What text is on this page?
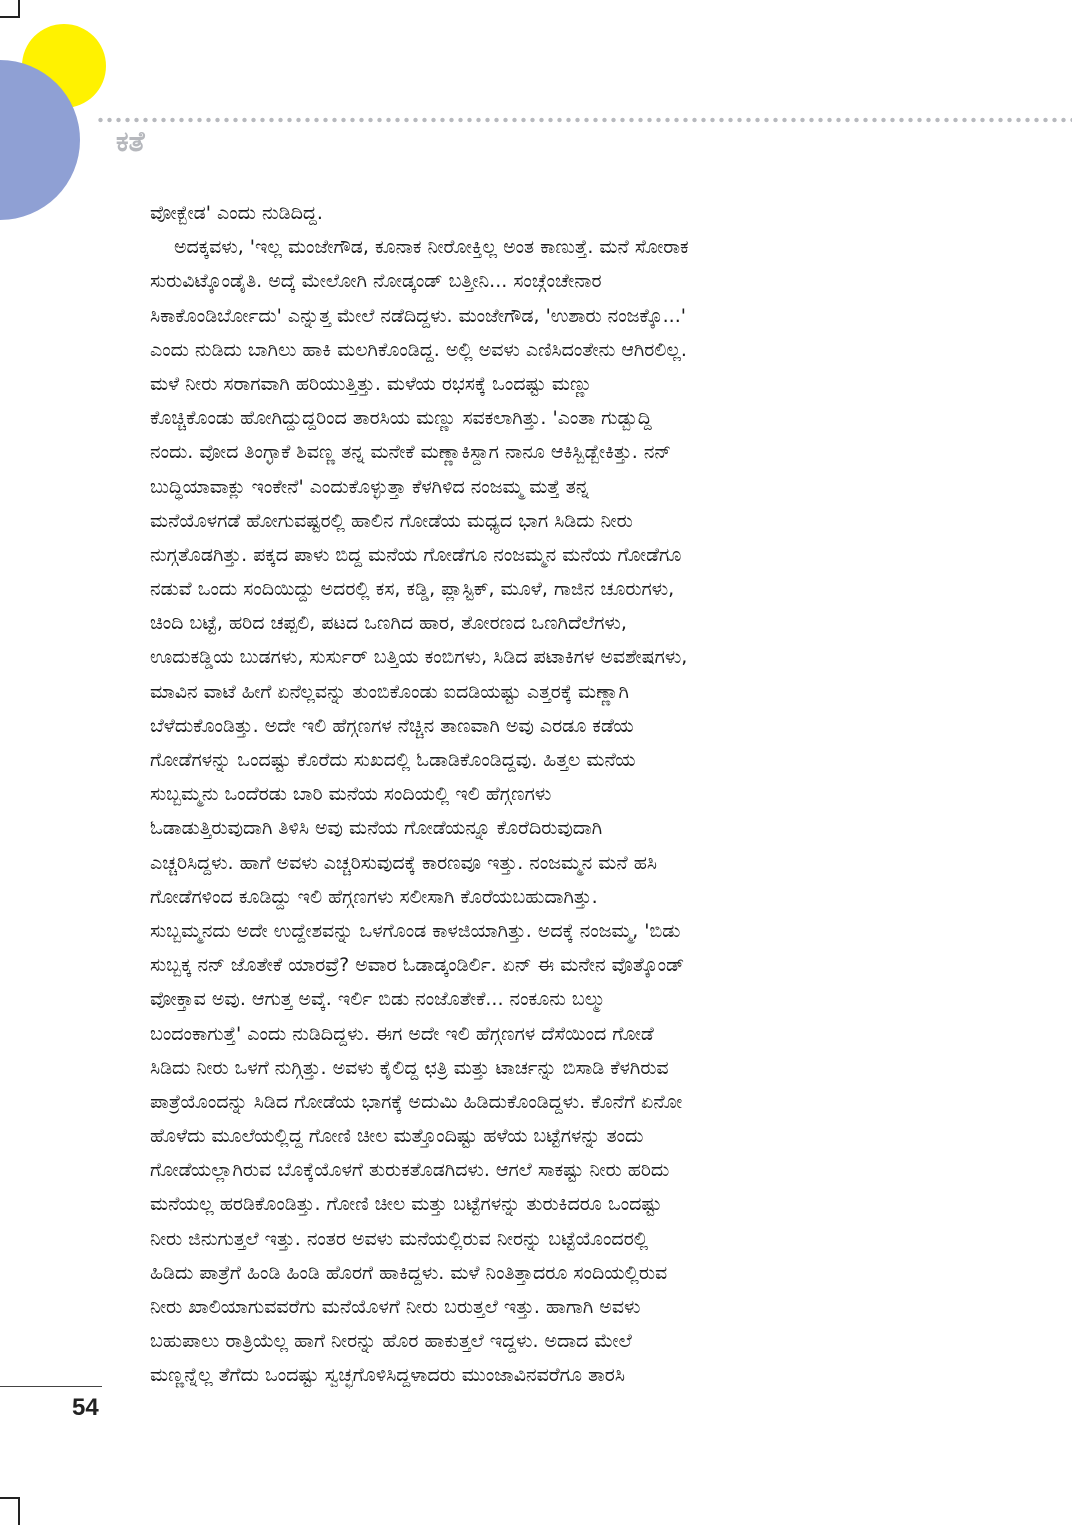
ಕತೆ
ವೋಕ್ಬೇಡ' ಎಂದು ನುಡಿದಿದ್ದ.
ಅದಕ್ಕವಳು, 'ಇಲ್ಲ ಮಂಜೇಗೌಡ, ಕೂನಾಕ ನೀರೋಕ್ತಿಲ್ಲ ಅಂತ ಕಾಣುತ್ತೆ. ಮನೆ ಸೋರಾಕ
ಸುರುವಿಟ್ಕೊಂಡೈತಿ. ಅದ್ಕೆ ಮೇಲೋಗಿ ನೋಡ್ಕಂಡ್ ಬತ್ತೀನಿ... ಸಂಚ್ಗೆಂಚೇನಾರ
ಸಿಕಾಕೊಂಡಿರ್ಬೋದು' ಎನ್ನುತ್ತ ಮೇಲೆ ನಡೆದಿದ್ದಳು. ಮಂಜೇಗೌಡ, 'ಉಶಾರು ನಂಜಕ್ಕೊ...'
ಎಂದು ನುಡಿದು ಬಾಗಿಲು ಹಾಕಿ ಮಲಗಿಕೊಂಡಿದ್ದ. ಅಲ್ಲಿ ಅವಳು ಎಣಿಸಿದಂತೇನು ಆಗಿರಲಿಲ್ಲ.
ಮಳೆ ನೀರು ಸರಾಗವಾಗಿ ಹರಿಯುತ್ತಿತ್ತು. ಮಳೆಯ ರಭಸಕ್ಕೆ ಒಂದಷ್ಟು ಮಣ್ಣು
ಕೊಚ್ಚಿಕೊಂಡು ಹೋಗಿದ್ದುದ್ದರಿಂದ ತಾರಸಿಯ ಮಣ್ಣು ಸವಕಲಾಗಿತ್ತು. 'ಎಂತಾ ಗುಡ್ಬುದ್ದಿ
ನಂದು. ವೋದ ತಿಂಗ್ಳಾಕೆ ಶಿವಣ್ಣ ತನ್ನ ಮನೇಕೆ ಮಣ್ಣಾಕಿಸ್ದಾಗ ನಾನೂ ಆಕಿಸ್ಬಿಡ್ಬೇಕಿತ್ತು. ನನ್
ಬುದ್ಧಿಯಾವಾಕ್ಲು ಇಂಕೇನೆ' ಎಂದುಕೊಳ್ಳುತ್ತಾ ಕೆಳಗಿಳಿದ ನಂಜಮ್ಮ ಮತ್ತೆ ತನ್ನ
ಮನೆಯೊಳಗಡೆ ಹೋಗುವಷ್ಟರಲ್ಲಿ ಹಾಲಿನ ಗೋಡೆಯ ಮಧ್ಯದ ಭಾಗ ಸಿಡಿದು ನೀರು
ನುಗ್ಗತೊಡಗಿತ್ತು. ಪಕ್ಕದ ಪಾಳು ಬಿದ್ದ ಮನೆಯ ಗೋಡೆಗೂ ನಂಜಮ್ಮನ ಮನೆಯ ಗೋಡೆಗೂ
ನಡುವೆ ಒಂದು ಸಂದಿಯಿದ್ದು ಅದರಲ್ಲಿ ಕಸ, ಕಡ್ಡಿ, ಪ್ಲಾಸ್ಟಿಕ್, ಮೂಳೆ, ಗಾಜಿನ ಚೂರುಗಳು,
ಚಿಂದಿ ಬಟ್ಟೆ, ಹರಿದ ಚಪ್ಪಲಿ, ಪಟದ ಒಣಗಿದ ಹಾರ, ತೋರಣದ ಒಣಗಿದೆಲೆಗಳು,
ಊದುಕಡ್ಡಿಯ ಬುಡಗಳು, ಸುರ್ಸುರ್ ಬತ್ತಿಯ ಕಂಬಿಗಳು, ಸಿಡಿದ ಪಟಾಕಿಗಳ ಅವಶೇಷಗಳು,
ಮಾವಿನ ವಾಟೆ ಹೀಗೆ ಏನೆಲ್ಲವನ್ನು ತುಂಬಿಕೊಂಡು ಐದಡಿಯಷ್ಟು ಎತ್ತರಕ್ಕೆ ಮಣ್ಣಾಗಿ
ಬೆಳೆದುಕೊಂಡಿತ್ತು. ಅದೇ ಇಲಿ ಹೆಗ್ಗಣಗಳ ನೆಚ್ಚಿನ ತಾಣವಾಗಿ ಅವು ಎರಡೂ ಕಡೆಯ
ಗೋಡೆಗಳನ್ನು ಒಂದಷ್ಟು ಕೊರೆದು ಸುಖದಲ್ಲಿ ಓಡಾಡಿಕೊಂಡಿದ್ದವು. ಹಿತ್ತಲ ಮನೆಯ
ಸುಬ್ಬಮ್ಮನು ಒಂದೆರಡು ಬಾರಿ ಮನೆಯ ಸಂದಿಯಲ್ಲಿ ಇಲಿ ಹೆಗ್ಗಣಗಳು
ಓಡಾಡುತ್ತಿರುವುದಾಗಿ ತಿಳಿಸಿ ಅವು ಮನೆಯ ಗೋಡೆಯನ್ನೂ ಕೊರೆದಿರುವುದಾಗಿ
ಎಚ್ಚರಿಸಿದ್ದಳು. ಹಾಗೆ ಅವಳು ಎಚ್ಚರಿಸುವುದಕ್ಕೆ ಕಾರಣವೂ ಇತ್ತು. ನಂಜಮ್ಮನ ಮನೆ ಹಸಿ
ಗೋಡೆಗಳಿಂದ ಕೂಡಿದ್ದು ಇಲಿ ಹೆಗ್ಗಣಗಳು ಸಲೀಸಾಗಿ ಕೊರೆಯಬಹುದಾಗಿತ್ತು.
ಸುಬ್ಬಮ್ಮನದು ಅದೇ ಉದ್ದೇಶವನ್ನು ಒಳಗೊಂಡ ಕಾಳಜಿಯಾಗಿತ್ತು. ಅದಕ್ಕೆ ನಂಜಮ್ಮ, 'ಬಿಡು
ಸುಬ್ಬಕ್ಕ ನನ್ ಜೊತೇಕೆ ಯಾರವ್ರೆ? ಅವಾರ ಓಡಾಡ್ಕಂಡಿರ್ಲಿ. ಏನ್ ಈ ಮನೇನ ವೊತ್ಕೊಂಡ್
ವೋಕ್ತಾವ ಅವು. ಆಗುತ್ತ ಅವ್ಕೆ. ಇರ್ಲಿ ಬಿಡು ನಂಜೊತೇಕೆ... ನಂಕೂನು ಬಲ್ಮು
ಬಂದಂಕಾಗುತ್ತೆ' ಎಂದು ನುಡಿದಿದ್ದಳು. ಈಗ ಅದೇ ಇಲಿ ಹೆಗ್ಗಣಗಳ ದೆಸೆಯಿಂದ ಗೋಡೆ
ಸಿಡಿದು ನೀರು ಒಳಗೆ ನುಗ್ಗಿತ್ತು. ಅವಳು ಕೈಲಿದ್ದ ಛತ್ರಿ ಮತ್ತು ಟಾರ್ಚನ್ನು ಬಿಸಾಡಿ ಕೆಳಗಿರುವ
ಪಾತ್ರೆಯೊಂದನ್ನು ಸಿಡಿದ ಗೋಡೆಯ ಭಾಗಕ್ಕೆ ಅದುಮಿ ಹಿಡಿದುಕೊಂಡಿದ್ದಳು. ಕೊನೆಗೆ ಏನೋ
ಹೊಳೆದು ಮೂಲೆಯಲ್ಲಿದ್ದ ಗೋಣಿ ಚೀಲ ಮತ್ತೊಂದಿಷ್ಟು ಹಳೆಯ ಬಟ್ಟೆಗಳನ್ನು ತಂದು
ಗೋಡೆಯಲ್ಲಾಗಿರುವ ಬೊಕ್ಕೆಯೊಳಗೆ ತುರುಕತೊಡಗಿದಳು. ಆಗಲೆ ಸಾಕಷ್ಟು ನೀರು ಹರಿದು
ಮನೆಯಲ್ಲ ಹರಡಿಕೊಂಡಿತ್ತು. ಗೋಣಿ ಚೀಲ ಮತ್ತು ಬಟ್ಟೆಗಳನ್ನು ತುರುಕಿದರೂ ಒಂದಷ್ಟು
ನೀರು ಜಿನುಗುತ್ತಲೆ ಇತ್ತು. ನಂತರ ಅವಳು ಮನೆಯಲ್ಲಿರುವ ನೀರನ್ನು ಬಟ್ಟೆಯೊಂದರಲ್ಲಿ
ಹಿಡಿದು ಪಾತ್ರೆಗೆ ಹಿಂಡಿ ಹಿಂಡಿ ಹೊರಗೆ ಹಾಕಿದ್ದಳು. ಮಳೆ ನಿಂತಿತ್ತಾದರೂ ಸಂದಿಯಲ್ಲಿರುವ
ನೀರು ಖಾಲಿಯಾಗುವವರೆಗು ಮನೆಯೊಳಗೆ ನೀರು ಬರುತ್ತಲೆ ಇತ್ತು. ಹಾಗಾಗಿ ಅವಳು
ಬಹುಪಾಲು ರಾತ್ರಿಯೆಲ್ಲ ಹಾಗೆ ನೀರನ್ನು ಹೊರ ಹಾಕುತ್ತಲೆ ಇದ್ದಳು. ಅದಾದ ಮೇಲೆ
ಮಣ್ಣನ್ನೆಲ್ಲ ತೆಗೆದು ಒಂದಷ್ಟು ಸ್ವಚ್ಛಗೊಳಿಸಿದ್ದಳಾದರು ಮುಂಜಾವಿನವರೆಗೂ ತಾರಸಿ
54
